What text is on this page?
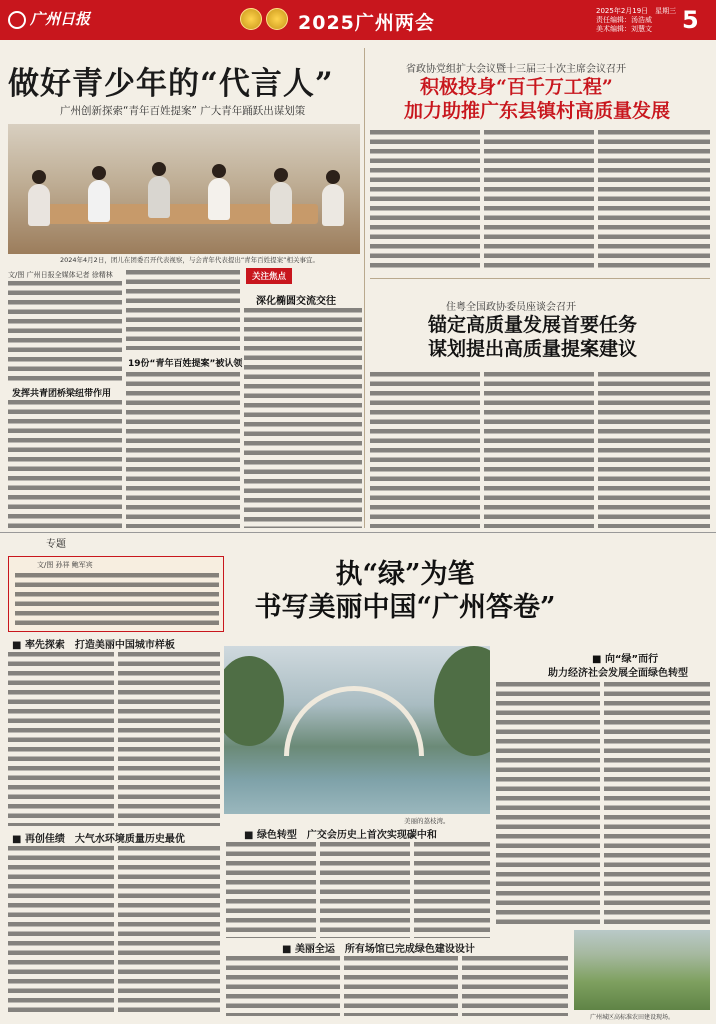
广州日报	2025广州两会
2025年2月19日　星期三
责任编辑：汤浩威
美术编辑：刘慧文	5
做好青少年的“代言人”
广州创新探索“青年百姓提案” 广大青年踊跃出谋划策
2024年4月2日，团儿在团委召开代表视察，与会青年代表提出“青年百姓提案”相关事宜。
文/图 广州日报全媒体记者 徐精林
发挥共青团桥梁纽带作用
19份“青年百姓提案”被认领
关注焦点
深化椭圆交流交往
省政协党组扩大会议暨十三届三十次主席会议召开
积极投身“百千万工程”
加力助推广东县镇村高质量发展
住粤全国政协委员座谈会召开
锚定高质量发展首要任务
谋划提出高质量提案建议
专题
文/图 孙祥 鲍军宾	执“绿”为笔
书写美丽中国“广州答卷”
■ 率先探索　打造美丽中国城市样板
■ 再创佳绩　大气水环境质量历史最优
美丽的荔枝湾。
■ 向“绿”而行
助力经济社会发展全面绿色转型
■ 绿色转型　广交会历史上首次实现碳中和
■ 美丽全运　所有场馆已完成绿色建设设计
广州城区高标准农田建设现场。
